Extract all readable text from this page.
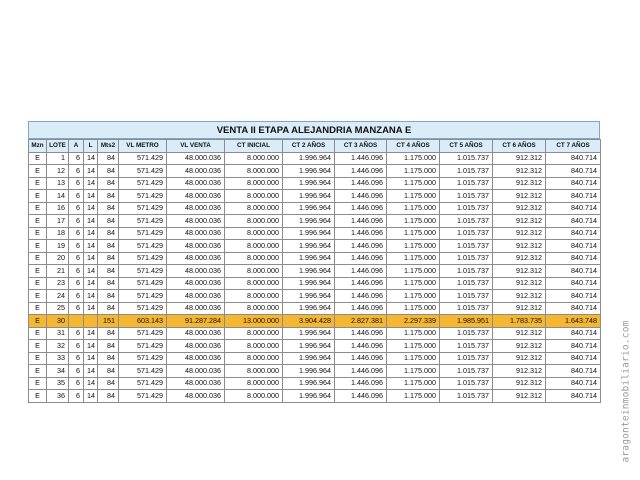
VENTA II ETAPA ALEJANDRIA MANZANA E
Mzn	LOTE	A	L	Mts2	VL METRO	VL VENTA	CT INICIAL	CT 2 AÑOS	CT 3 AÑOS	CT 4 AÑOS	CT 5 AÑOS	CT 6 AÑOS	CT 7 AÑOS
E	1	6	14	84	571.429	48.000.036	8.000.000	1.996.964	1.446.096	1.175.000	1.015.737	912.312	840.714
E	12	6	14	84	571.429	48.000.036	8.000.000	1.996.964	1.446.096	1.175.000	1.015.737	912.312	840.714
E	13	6	14	84	571.429	48.000.036	8.000.000	1.996.964	1.446.096	1.175.000	1.015.737	912.312	840.714
E	14	6	14	84	571.429	48.000.036	8.000.000	1.996.964	1.446.096	1.175.000	1.015.737	912.312	840.714
E	16	6	14	84	571.429	48.000.036	8.000.000	1.996.964	1.446.096	1.175.000	1.015.737	912.312	840.714
E	17	6	14	84	571.429	48.000.036	8.000.000	1.996.964	1.446.096	1.175.000	1.015.737	912.312	840.714
E	18	6	14	84	571.429	48.000.036	8.000.000	1.996.964	1.446.096	1.175.000	1.015.737	912.312	840.714
E	19	6	14	84	571.429	48.000.036	8.000.000	1.996.964	1.446.096	1.175.000	1.015.737	912.312	840.714
E	20	6	14	84	571.429	48.000.036	8.000.000	1.996.964	1.446.096	1.175.000	1.015.737	912.312	840.714
E	21	6	14	84	571.429	48.000.036	8.000.000	1.996.964	1.446.096	1.175.000	1.015.737	912.312	840.714
E	23	6	14	84	571.429	48.000.036	8.000.000	1.996.964	1.446.096	1.175.000	1.015.737	912.312	840.714
E	24	6	14	84	571.429	48.000.036	8.000.000	1.996.964	1.446.096	1.175.000	1.015.737	912.312	840.714
E	25	6	14	84	571.429	48.000.036	8.000.000	1.996.964	1.446.096	1.175.000	1.015.737	912.312	840.714
E	30			151	603.143	91.287.284	13.000.000	3.904.428	2.827.381	2.297.339	1.985.951	1.783.735	1.643.748
E	31	6	14	84	571.429	48.000.036	8.000.000	1.996.964	1.446.096	1.175.000	1.015.737	912.312	840.714
E	32	6	14	84	571.429	48.000.036	8.000.000	1.996.964	1.446.096	1.175.000	1.015.737	912.312	840.714
E	33	6	14	84	571.429	48.000.036	8.000.000	1.996.964	1.446.096	1.175.000	1.015.737	912.312	840.714
E	34	6	14	84	571.429	48.000.036	8.000.000	1.996.964	1.446.096	1.175.000	1.015.737	912.312	840.714
E	35	6	14	84	571.429	48.000.036	8.000.000	1.996.964	1.446.096	1.175.000	1.015.737	912.312	840.714
E	36	6	14	84	571.429	48.000.036	8.000.000	1.996.964	1.446.096	1.175.000	1.015.737	912.312	840.714 aragonteinmobiliario.com
